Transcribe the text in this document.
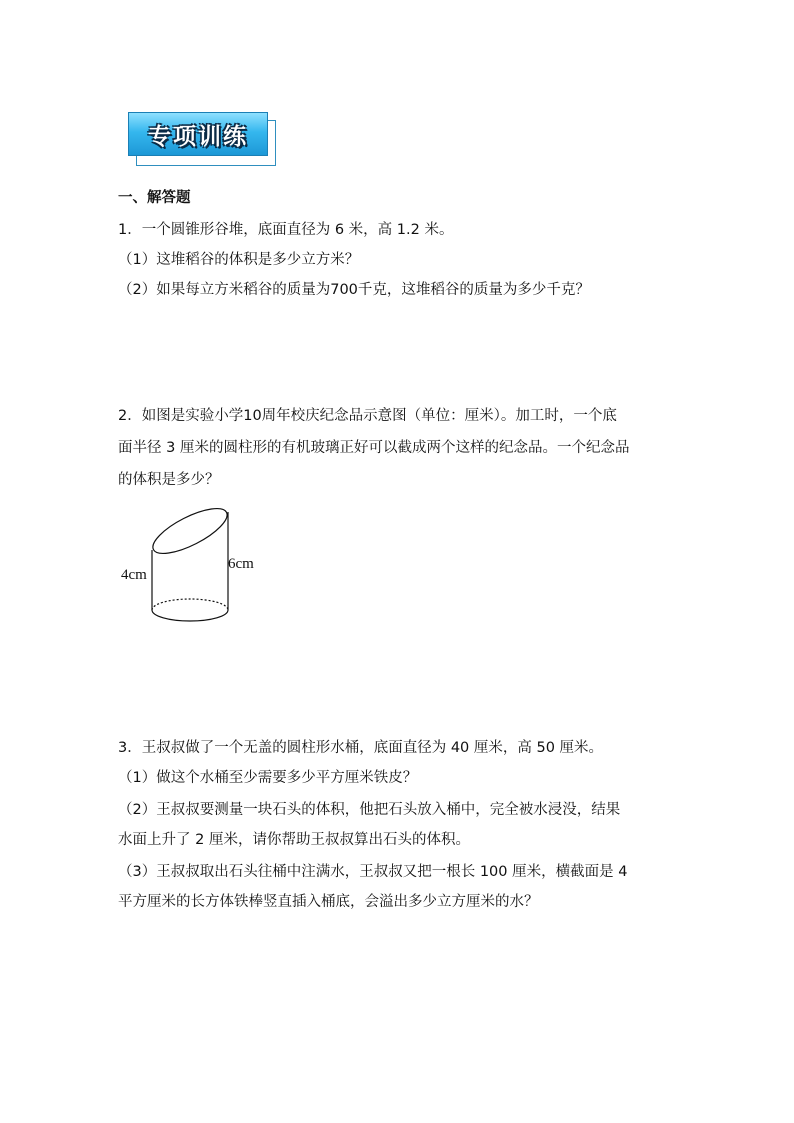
专项训练
一、解答题
1．一个圆锥形谷堆，底面直径为 6 米，高 1.2 米。
（1）这堆稻谷的体积是多少立方米？
（2）如果每立方米稻谷的质量为700千克，这堆稻谷的质量为多少千克？
2．如图是实验小学10周年校庆纪念品示意图（单位：厘米）。加工时，一个底
面半径 3 厘米的圆柱形的有机玻璃正好可以截成两个这样的纪念品。一个纪念品
的体积是多少？
4cm
6cm
3．王叔叔做了一个无盖的圆柱形水桶，底面直径为 40 厘米，高 50 厘米。
（1）做这个水桶至少需要多少平方厘米铁皮？
（2）王叔叔要测量一块石头的体积，他把石头放入桶中，完全被水浸没，结果
水面上升了 2 厘米，请你帮助王叔叔算出石头的体积。
（3）王叔叔取出石头往桶中注满水，王叔叔又把一根长 100 厘米，横截面是 4
平方厘米的长方体铁棒竖直插入桶底，会溢出多少立方厘米的水？
